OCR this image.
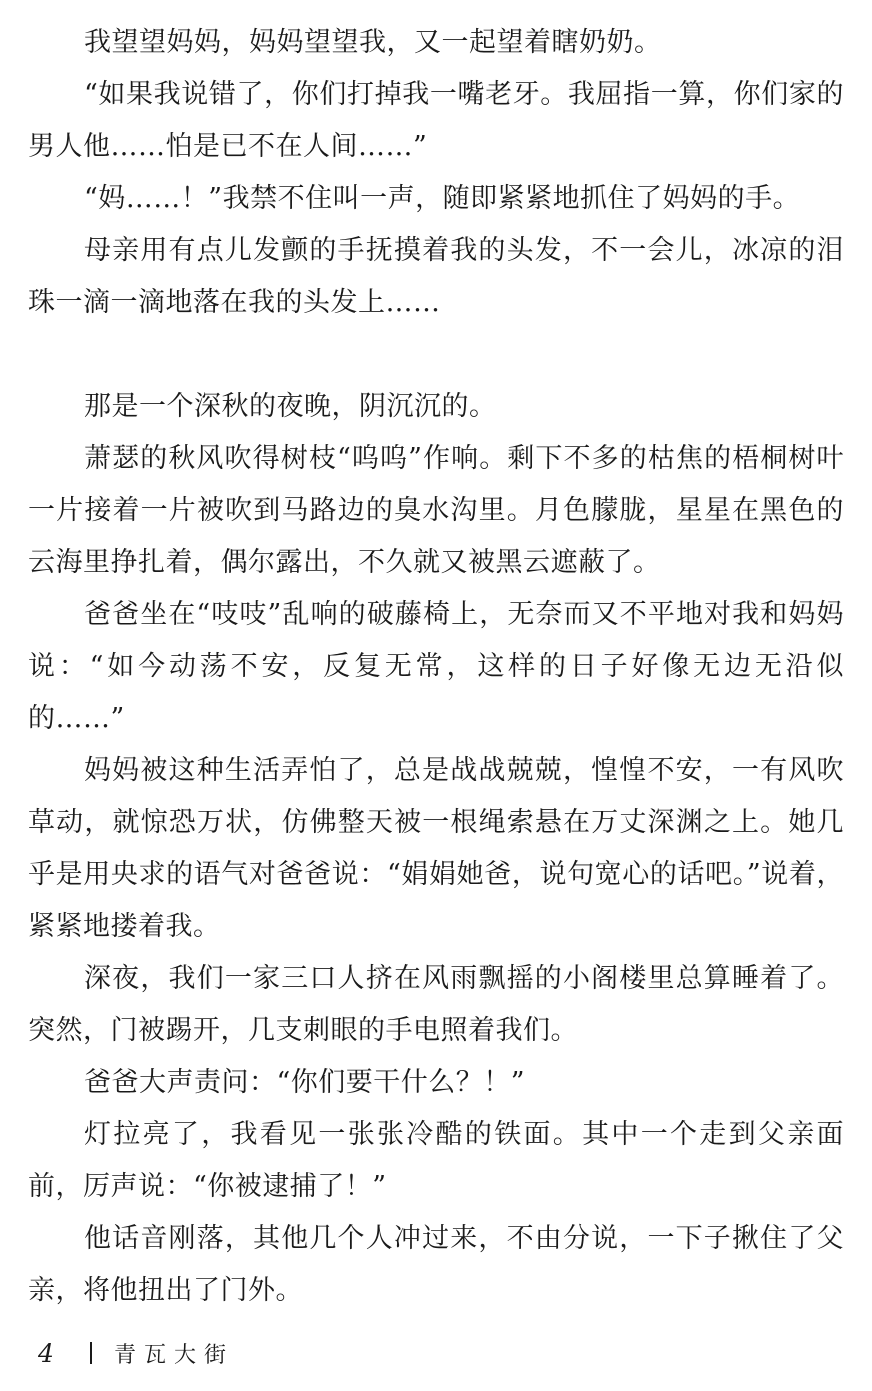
我望望妈妈，妈妈望望我，又一起望着瞎奶奶。

“如果我说错了，你们打掉我一嘴老牙。我屈指一算，你们家的男人他……怕是已不在人间……”

“妈……！”我禁不住叫一声，随即紧紧地抓住了妈妈的手。

母亲用有点儿发颤的手抚摸着我的头发，不一会儿，冰凉的泪珠一滴一滴地落在我的头发上……

那是一个深秋的夜晚，阴沉沉的。

萧瑟的秋风吹得树枝“呜呜”作响。剩下不多的枯焦的梧桐树叶一片接着一片被吹到马路边的臭水沟里。月色朦胧，星星在黑色的云海里挣扎着，偶尔露出，不久就又被黑云遮蔽了。

爸爸坐在“吱吱”乱响的破藤椅上，无奈而又不平地对我和妈妈说：“如今动荡不安，反复无常，这样的日子好像无边无沿似的……”

妈妈被这种生活弄怕了，总是战战兢兢，惶惶不安，一有风吹草动，就惊恐万状，仿佛整天被一根绳索悬在万丈深渊之上。她几乎是用央求的语气对爸爸说：“娟娟她爸，说句宽心的话吧。”说着，紧紧地搂着我。

深夜，我们一家三口人挤在风雨飘摇的小阁楼里总算睡着了。突然，门被踢开，几支刺眼的手电照着我们。

爸爸大声责问：“你们要干什么？！”

灯拉亮了，我看见一张张冷酷的铁面。其中一个走到父亲面前，厉声说：“你被逮捕了！”

他话音刚落，其他几个人冲过来，不由分说，一下子揪住了父亲，将他扭出了门外。

4	青瓦大街
